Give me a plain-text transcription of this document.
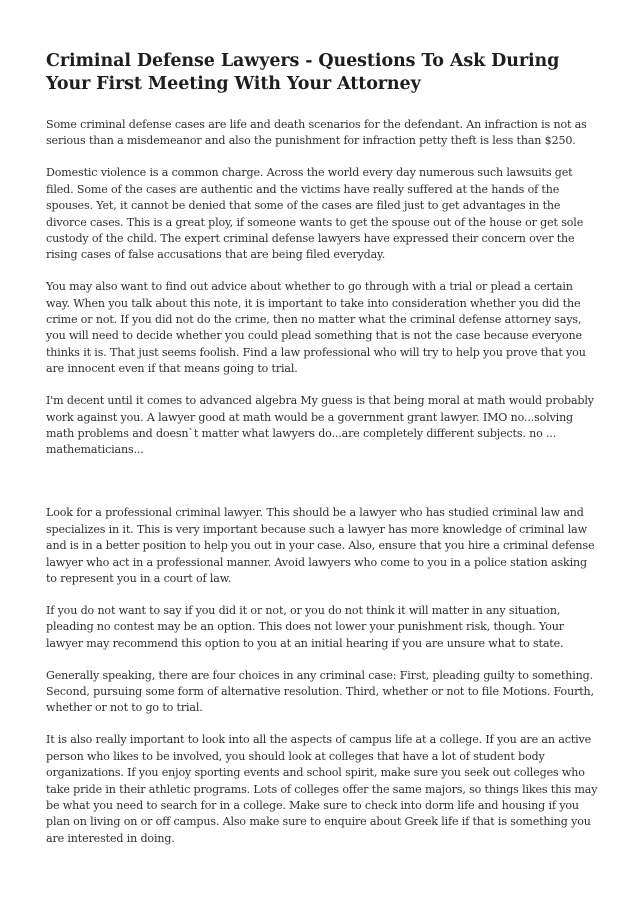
Criminal Defense Lawyers - Questions To Ask During Your First Meeting With Your Attorney

Some criminal defense cases are life and death scenarios for the defendant. An infraction is not as serious than a misdemeanor and also the punishment for infraction petty theft is less than $250.

Domestic violence is a common charge. Across the world every day numerous such lawsuits get filed. Some of the cases are authentic and the victims have really suffered at the hands of the spouses. Yet, it cannot be denied that some of the cases are filed just to get advantages in the divorce cases. This is a great ploy, if someone wants to get the spouse out of the house or get sole custody of the child. The expert criminal defense lawyers have expressed their concern over the rising cases of false accusations that are being filed everyday.

You may also want to find out advice about whether to go through with a trial or plead a certain way. When you talk about this note, it is important to take into consideration whether you did the crime or not. If you did not do the crime, then no matter what the criminal defense attorney says, you will need to decide whether you could plead something that is not the case because everyone thinks it is. That just seems foolish. Find a law professional who will try to help you prove that you are innocent even if that means going to trial.

I'm decent until it comes to advanced algebra My guess is that being moral at math would probably work against you. A lawyer good at math would be a government grant lawyer. IMO no...solving math problems and doesn`t matter what lawyers do...are completely different subjects. no ... mathematicians...

Look for a professional criminal lawyer. This should be a lawyer who has studied criminal law and specializes in it. This is very important because such a lawyer has more knowledge of criminal law and is in a better position to help you out in your case. Also, ensure that you hire a criminal defense lawyer who act in a professional manner. Avoid lawyers who come to you in a police station asking to represent you in a court of law.

If you do not want to say if you did it or not, or you do not think it will matter in any situation, pleading no contest may be an option. This does not lower your punishment risk, though. Your lawyer may recommend this option to you at an initial hearing if you are unsure what to state.

Generally speaking, there are four choices in any criminal case: First, pleading guilty to something. Second, pursuing some form of alternative resolution. Third, whether or not to file Motions. Fourth, whether or not to go to trial.

It is also really important to look into all the aspects of campus life at a college. If you are an active person who likes to be involved, you should look at colleges that have a lot of student body organizations. If you enjoy sporting events and school spirit, make sure you seek out colleges who take pride in their athletic programs. Lots of colleges offer the same majors, so things likes this may be what you need to search for in a college. Make sure to check into dorm life and housing if you plan on living on or off campus. Also make sure to enquire about Greek life if that is something you are interested in doing.
